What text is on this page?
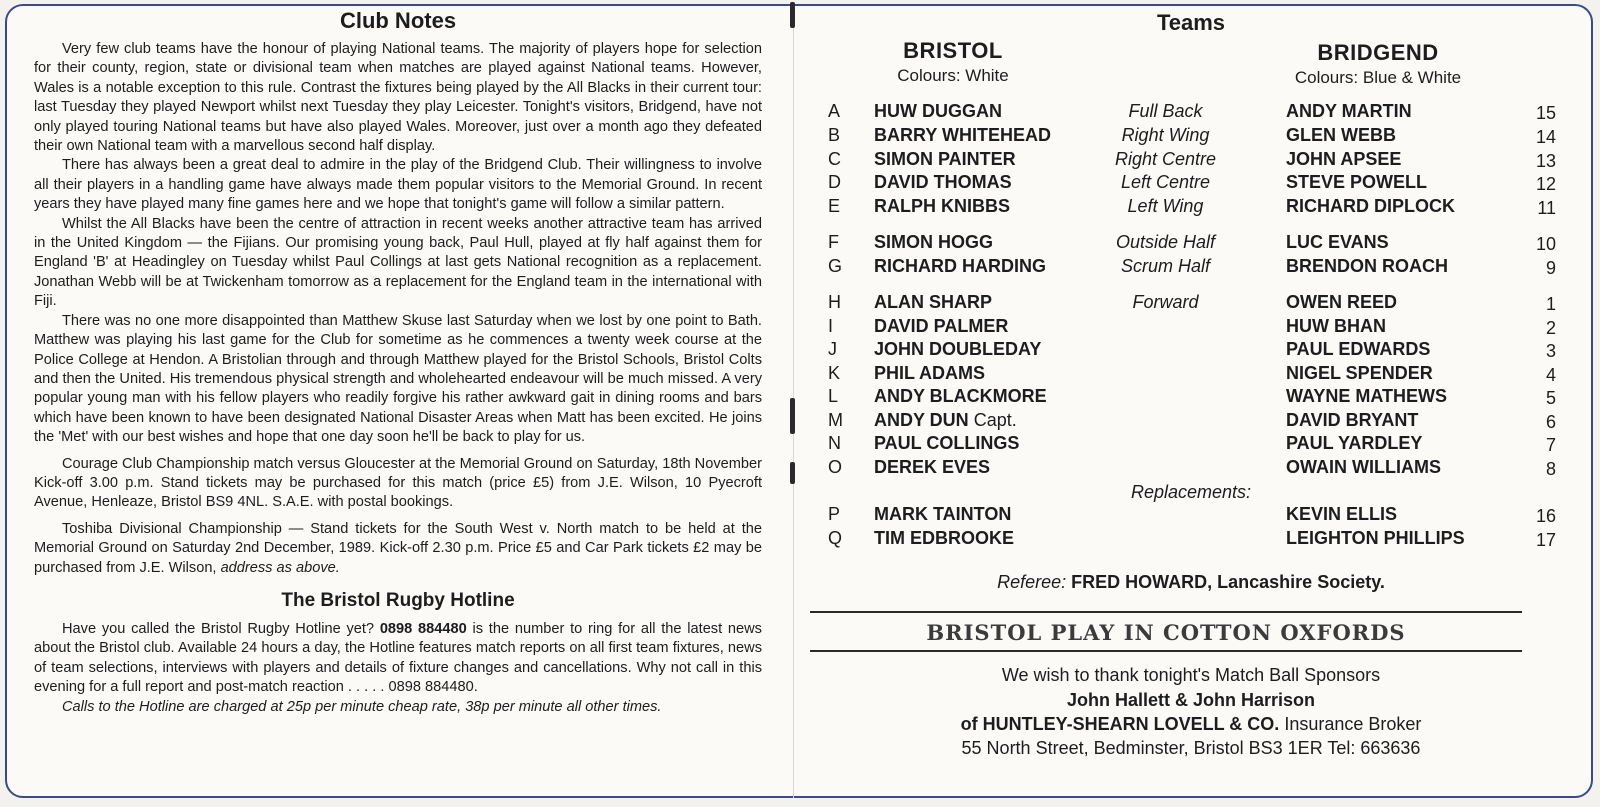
Club Notes

Very few club teams have the honour of playing National teams. The majority of players hope for selection for their county, region, state or divisional team when matches are played against National teams. However, Wales is a notable exception to this rule. Contrast the fixtures being played by the All Blacks in their current tour: last Tuesday they played Newport whilst next Tuesday they play Leicester. Tonight's visitors, Bridgend, have not only played touring National teams but have also played Wales. Moreover, just over a month ago they defeated their own National team with a marvellous second half display.

There has always been a great deal to admire in the play of the Bridgend Club. Their willingness to involve all their players in a handling game have always made them popular visitors to the Memorial Ground. In recent years they have played many fine games here and we hope that tonight's game will follow a similar pattern.

Whilst the All Blacks have been the centre of attraction in recent weeks another attractive team has arrived in the United Kingdom — the Fijians. Our promising young back, Paul Hull, played at fly half against them for England 'B' at Headingley on Tuesday whilst Paul Collings at last gets National recognition as a replacement. Jonathan Webb will be at Twickenham tomorrow as a replacement for the England team in the international with Fiji.

There was no one more disappointed than Matthew Skuse last Saturday when we lost by one point to Bath. Matthew was playing his last game for the Club for sometime as he commences a twenty week course at the Police College at Hendon. A Bristolian through and through Matthew played for the Bristol Schools, Bristol Colts and then the United. His tremendous physical strength and wholehearted endeavour will be much missed. A very popular young man with his fellow players who readily forgive his rather awkward gait in dining rooms and bars which have been known to have been designated National Disaster Areas when Matt has been excited. He joins the 'Met' with our best wishes and hope that one day soon he'll be back to play for us.

Courage Club Championship match versus Gloucester at the Memorial Ground on Saturday, 18th November Kick-off 3.00 p.m. Stand tickets may be purchased for this match (price £5) from J.E. Wilson, 10 Pyecroft Avenue, Henleaze, Bristol BS9 4NL. S.A.E. with postal bookings.

Toshiba Divisional Championship — Stand tickets for the South West v. North match to be held at the Memorial Ground on Saturday 2nd December, 1989. Kick-off 2.30 p.m. Price £5 and Car Park tickets £2 may be purchased from J.E. Wilson, address as above.

The Bristol Rugby Hotline

Have you called the Bristol Rugby Hotline yet? 0898 884480 is the number to ring for all the latest news about the Bristol club. Available 24 hours a day, the Hotline features match reports on all first team fixtures, news of team selections, interviews with players and details of fixture changes and cancellations. Why not call in this evening for a full report and post-match reaction . . . . . 0898 884480.

Calls to the Hotline are charged at 25p per minute cheap rate, 38p per minute all other times.

Teams
BRISTOL
Colours: White
BRIDGEND
Colours: Blue & White
A HUW DUGGAN	Full Back	ANDY MARTIN	15
B BARRY WHITEHEAD	Right Wing	GLEN WEBB	14
C SIMON PAINTER	Right Centre	JOHN APSEE	13
D DAVID THOMAS	Left Centre	STEVE POWELL	12
E RALPH KNIBBS	Left Wing	RICHARD DIPLOCK	11
F SIMON HOGG	Outside Half	LUC EVANS	10
G RICHARD HARDING	Scrum Half	BRENDON ROACH	9
H ALAN SHARP	Forward	OWEN REED	1
I DAVID PALMER	HUW BHAN	2
J JOHN DOUBLEDAY	PAUL EDWARDS	3
K PHIL ADAMS	NIGEL SPENDER	4
L ANDY BLACKMORE	WAYNE MATHEWS	5
M ANDY DUN Capt.	DAVID BRYANT	6
N PAUL COLLINGS	PAUL YARDLEY	7
O DEREK EVES	OWAIN WILLIAMS	8
P MARK TAINTON	KEVIN ELLIS	16
Q TIM EDBROOKE	LEIGHTON PHILLIPS	17
Replacements:
Referee: FRED HOWARD, Lancashire Society.
BRISTOL PLAY IN COTTON OXFORDS
We wish to thank tonight's Match Ball Sponsors
John Hallett & John Harrison
of HUNTLEY-SHEARN LOVELL & CO. Insurance Broker
55 North Street, Bedminster, Bristol BS3 1ER Tel: 663636
